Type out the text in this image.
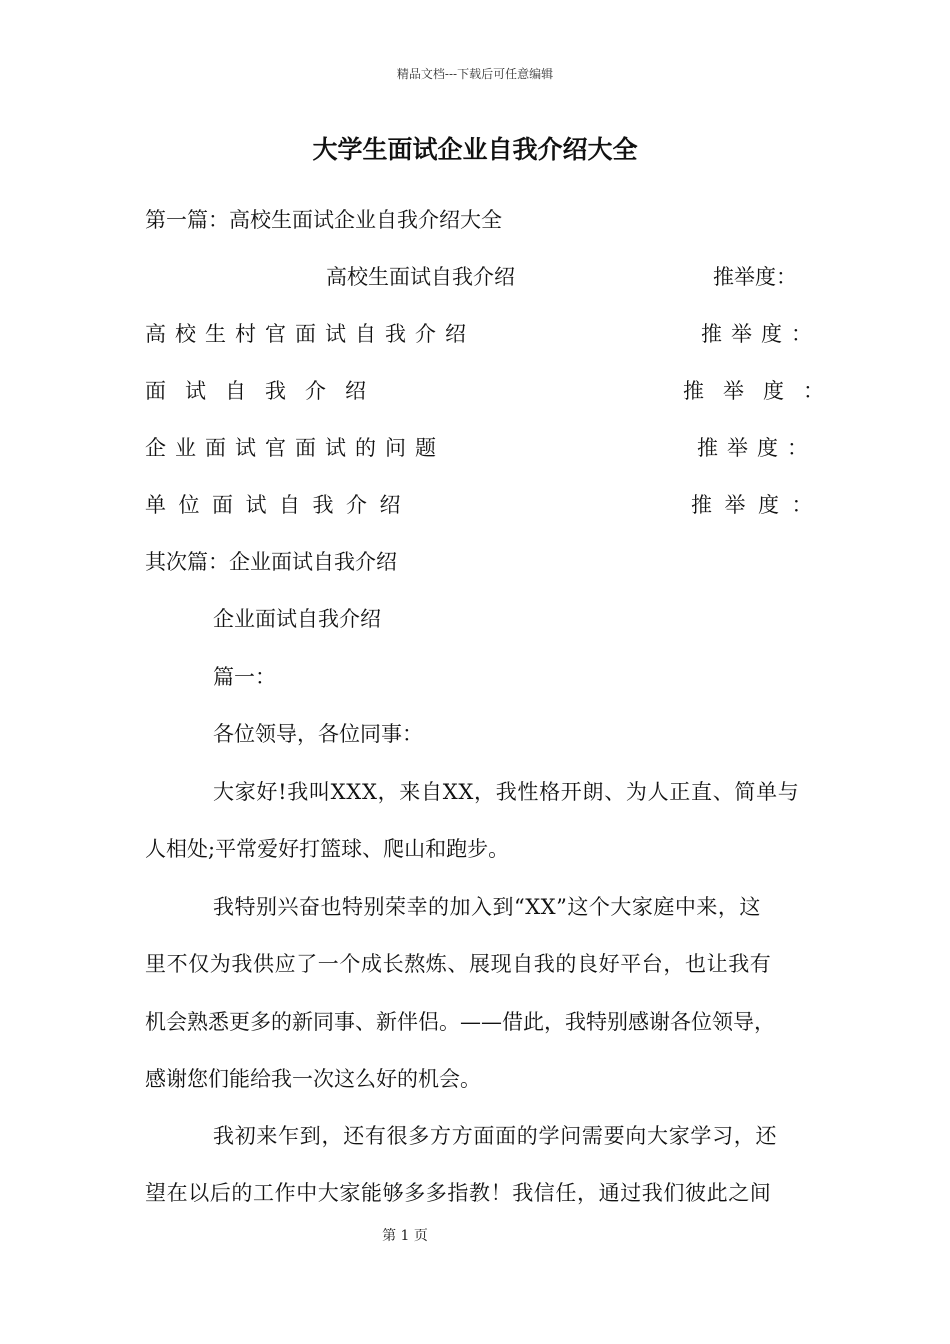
精品文档---下载后可任意编辑
大学生面试企业自我介绍大全
第一篇：高校生面试企业自我介绍大全
高校生面试自我介绍	推举度：
高校生村官面试自我介绍	推举度：
面试自我介绍	推举度：
企业面试官面试的问题	推举度：
单位面试自我介绍	推举度：
其次篇：企业面试自我介绍
企业面试自我介绍
篇一：
各位领导，各位同事：
大家好!我叫XXX，来自XX，我性格开朗、为人正直、简单与
人相处;平常爱好打篮球、爬山和跑步。
我特别兴奋也特别荣幸的加入到“XX”这个大家庭中来，这
里不仅为我供应了一个成长熬炼、展现自我的良好平台，也让我有
机会熟悉更多的新同事、新伴侣。——借此，我特别感谢各位领导，
感谢您们能给我一次这么好的机会。
我初来乍到，还有很多方方面面的学问需要向大家学习，还
望在以后的工作中大家能够多多指教！我信任，通过我们彼此之间
第 1 页
